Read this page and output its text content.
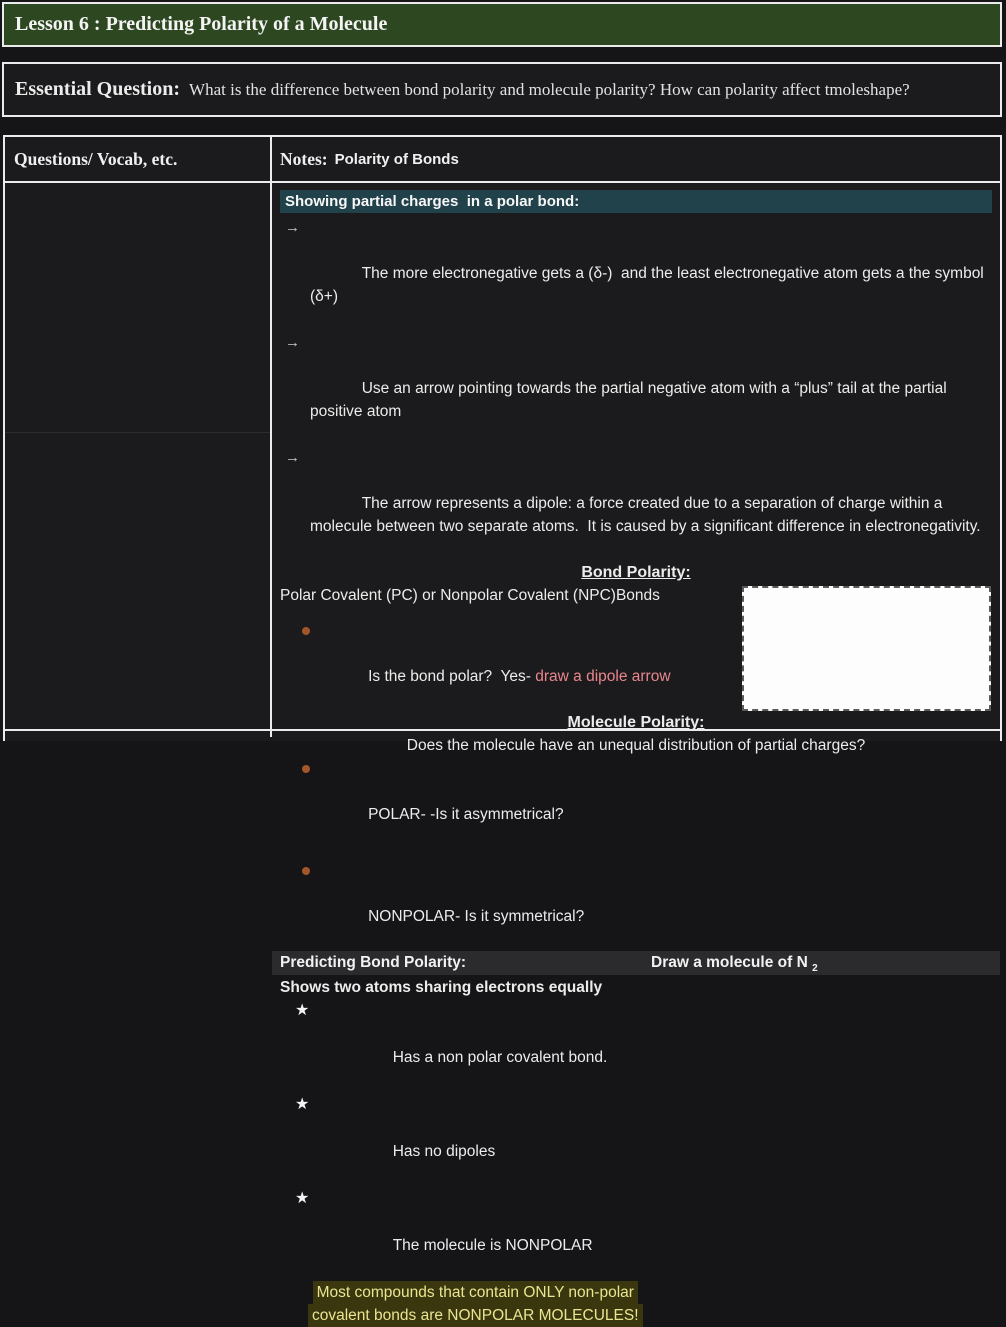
Lesson 6 : Predicting Polarity of a Molecule
Essential Question: What is the difference between bond polarity and molecule polarity? How can polarity affect tmoleshape?
Questions/ Vocab, etc.	Notes: Polarity of Bonds
Showing partial charges  in a polar bond:

→

The more electronegative gets a (δ-)  and the least electronegative atom gets a the symbol  (δ+)

→

Use an arrow pointing towards the partial negative atom with a “plus” tail at the partial positive atom

→

The arrow represents a dipole: a force created due to a separation of charge within a molecule between two separate atoms.  It is caused by a significant difference in electronegativity.

Bond Polarity:
Polar Covalent (PC) or Nonpolar Covalent (NPC)Bonds

Is the bond polar?  Yes- draw a dipole arrow

Molecule Polarity:
Does the molecule have an unequal distribution of partial charges?

POLAR- -Is it asymmetrical?

NONPOLAR- Is it symmetrical?

Predicting Bond Polarity:	Draw a molecule of N $_2$
Shows two atoms sharing electrons equally

★

Has a non polar covalent bond.

★

Has no dipoles

★

The molecule is NONPOLAR

Most compounds that contain ONLY non-polar
covalent bonds are NONPOLAR MOLECULES!
